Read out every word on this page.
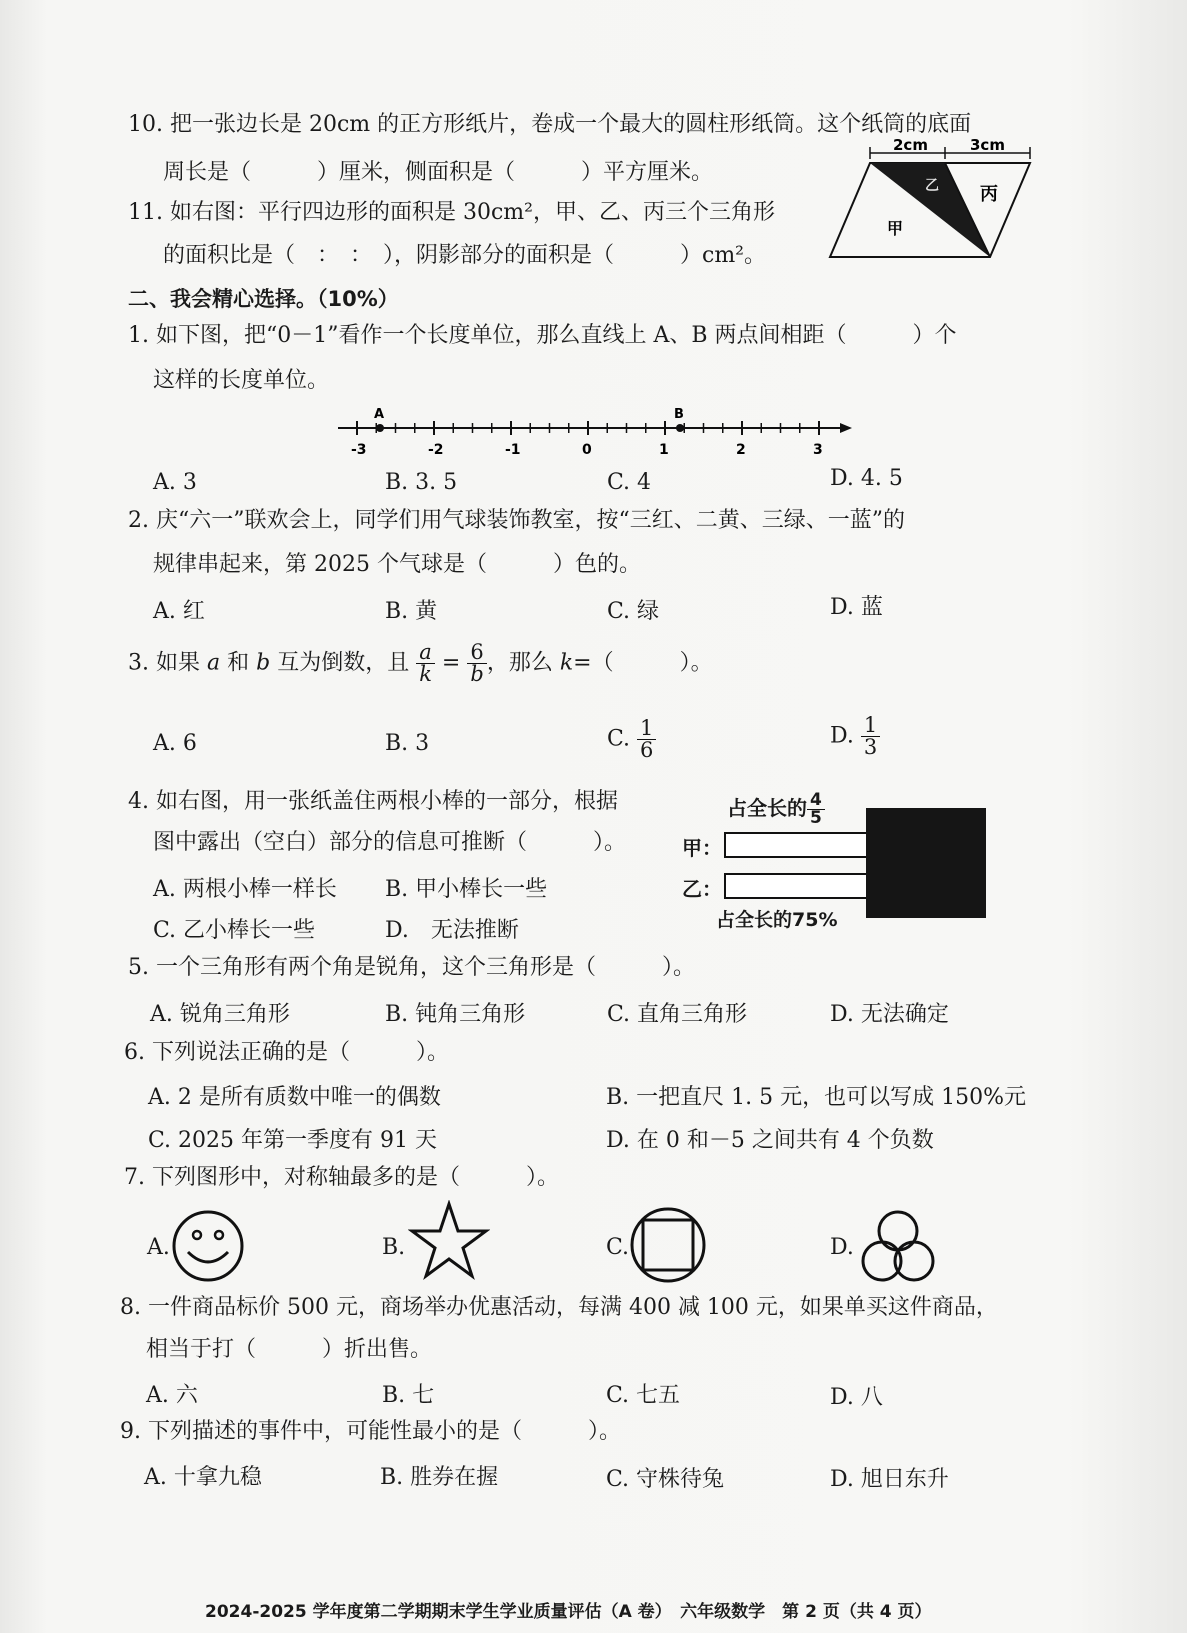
10. 把一张边长是 20cm 的正方形纸片，卷成一个最大的圆柱形纸筒。这个纸筒的底面
周长是（　　　）厘米，侧面积是（　　　）平方厘米。
2cm	3cm
甲
乙 丙
11. 如右图：平行四边形的面积是 30cm²，甲、乙、丙三个三角形
的面积比是（　：　：　），阴影部分的面积是（　　　）cm²。
二、我会精心选择。（10%）
1. 如下图，把“0－1”看作一个长度单位，那么直线上 A、B 两点间相距（　　　）个
这样的长度单位。
-3	-2	-1	0	1	2	3
A	B
A. 3	B. 3. 5	C. 4	D. 4. 5
2. 庆“六一”联欢会上，同学们用气球装饰教室，按“三红、二黄、三绿、一蓝”的
规律串起来，第 2025 个气球是（　　　）色的。
A. 红	B. 黄	C. 绿	D. 蓝
3. 如果 a 和 b 互为倒数，且 $\frac{a}{k} = \frac{6}{b}$ ，那么 k=（　　　）。
A. 6	B. 3	C. $\frac{1}{6}$	D. $\frac{1}{3}$
4. 如右图，用一张纸盖住两根小棒的一部分，根据
图中露出（空白）部分的信息可推断（　　　）。
A. 两根小棒一样长 B. 甲小棒长一些
C. 乙小棒长一些	D.　无法推断
占全长的 $\frac{4}{5}$
甲：
乙：
占全长的75%
5. 一个三角形有两个角是锐角，这个三角形是（　　　）。
A. 锐角三角形	B. 钝角三角形	C. 直角三角形	D. 无法确定
6. 下列说法正确的是（　　　）。
A. 2 是所有质数中唯一的偶数	B. 一把直尺 1. 5 元，也可以写成 150%元
C. 2025 年第一季度有 91 天	D. 在 0 和－5 之间共有 4 个负数
7. 下列图形中，对称轴最多的是（　　　）。
A.	B.	C.	D.
8. 一件商品标价 500 元，商场举办优惠活动，每满 400 减 100 元，如果单买这件商品，
相当于打（　　　）折出售。
A. 六	B. 七	C. 七五	D. 八
9. 下列描述的事件中，可能性最小的是（　　　）。
A. 十拿九稳	B. 胜券在握	C. 守株待兔	D. 旭日东升
2024-2025 学年度第二学期期末学生学业质量评估（A 卷）　六年级数学　第 2 页（共 4 页）
